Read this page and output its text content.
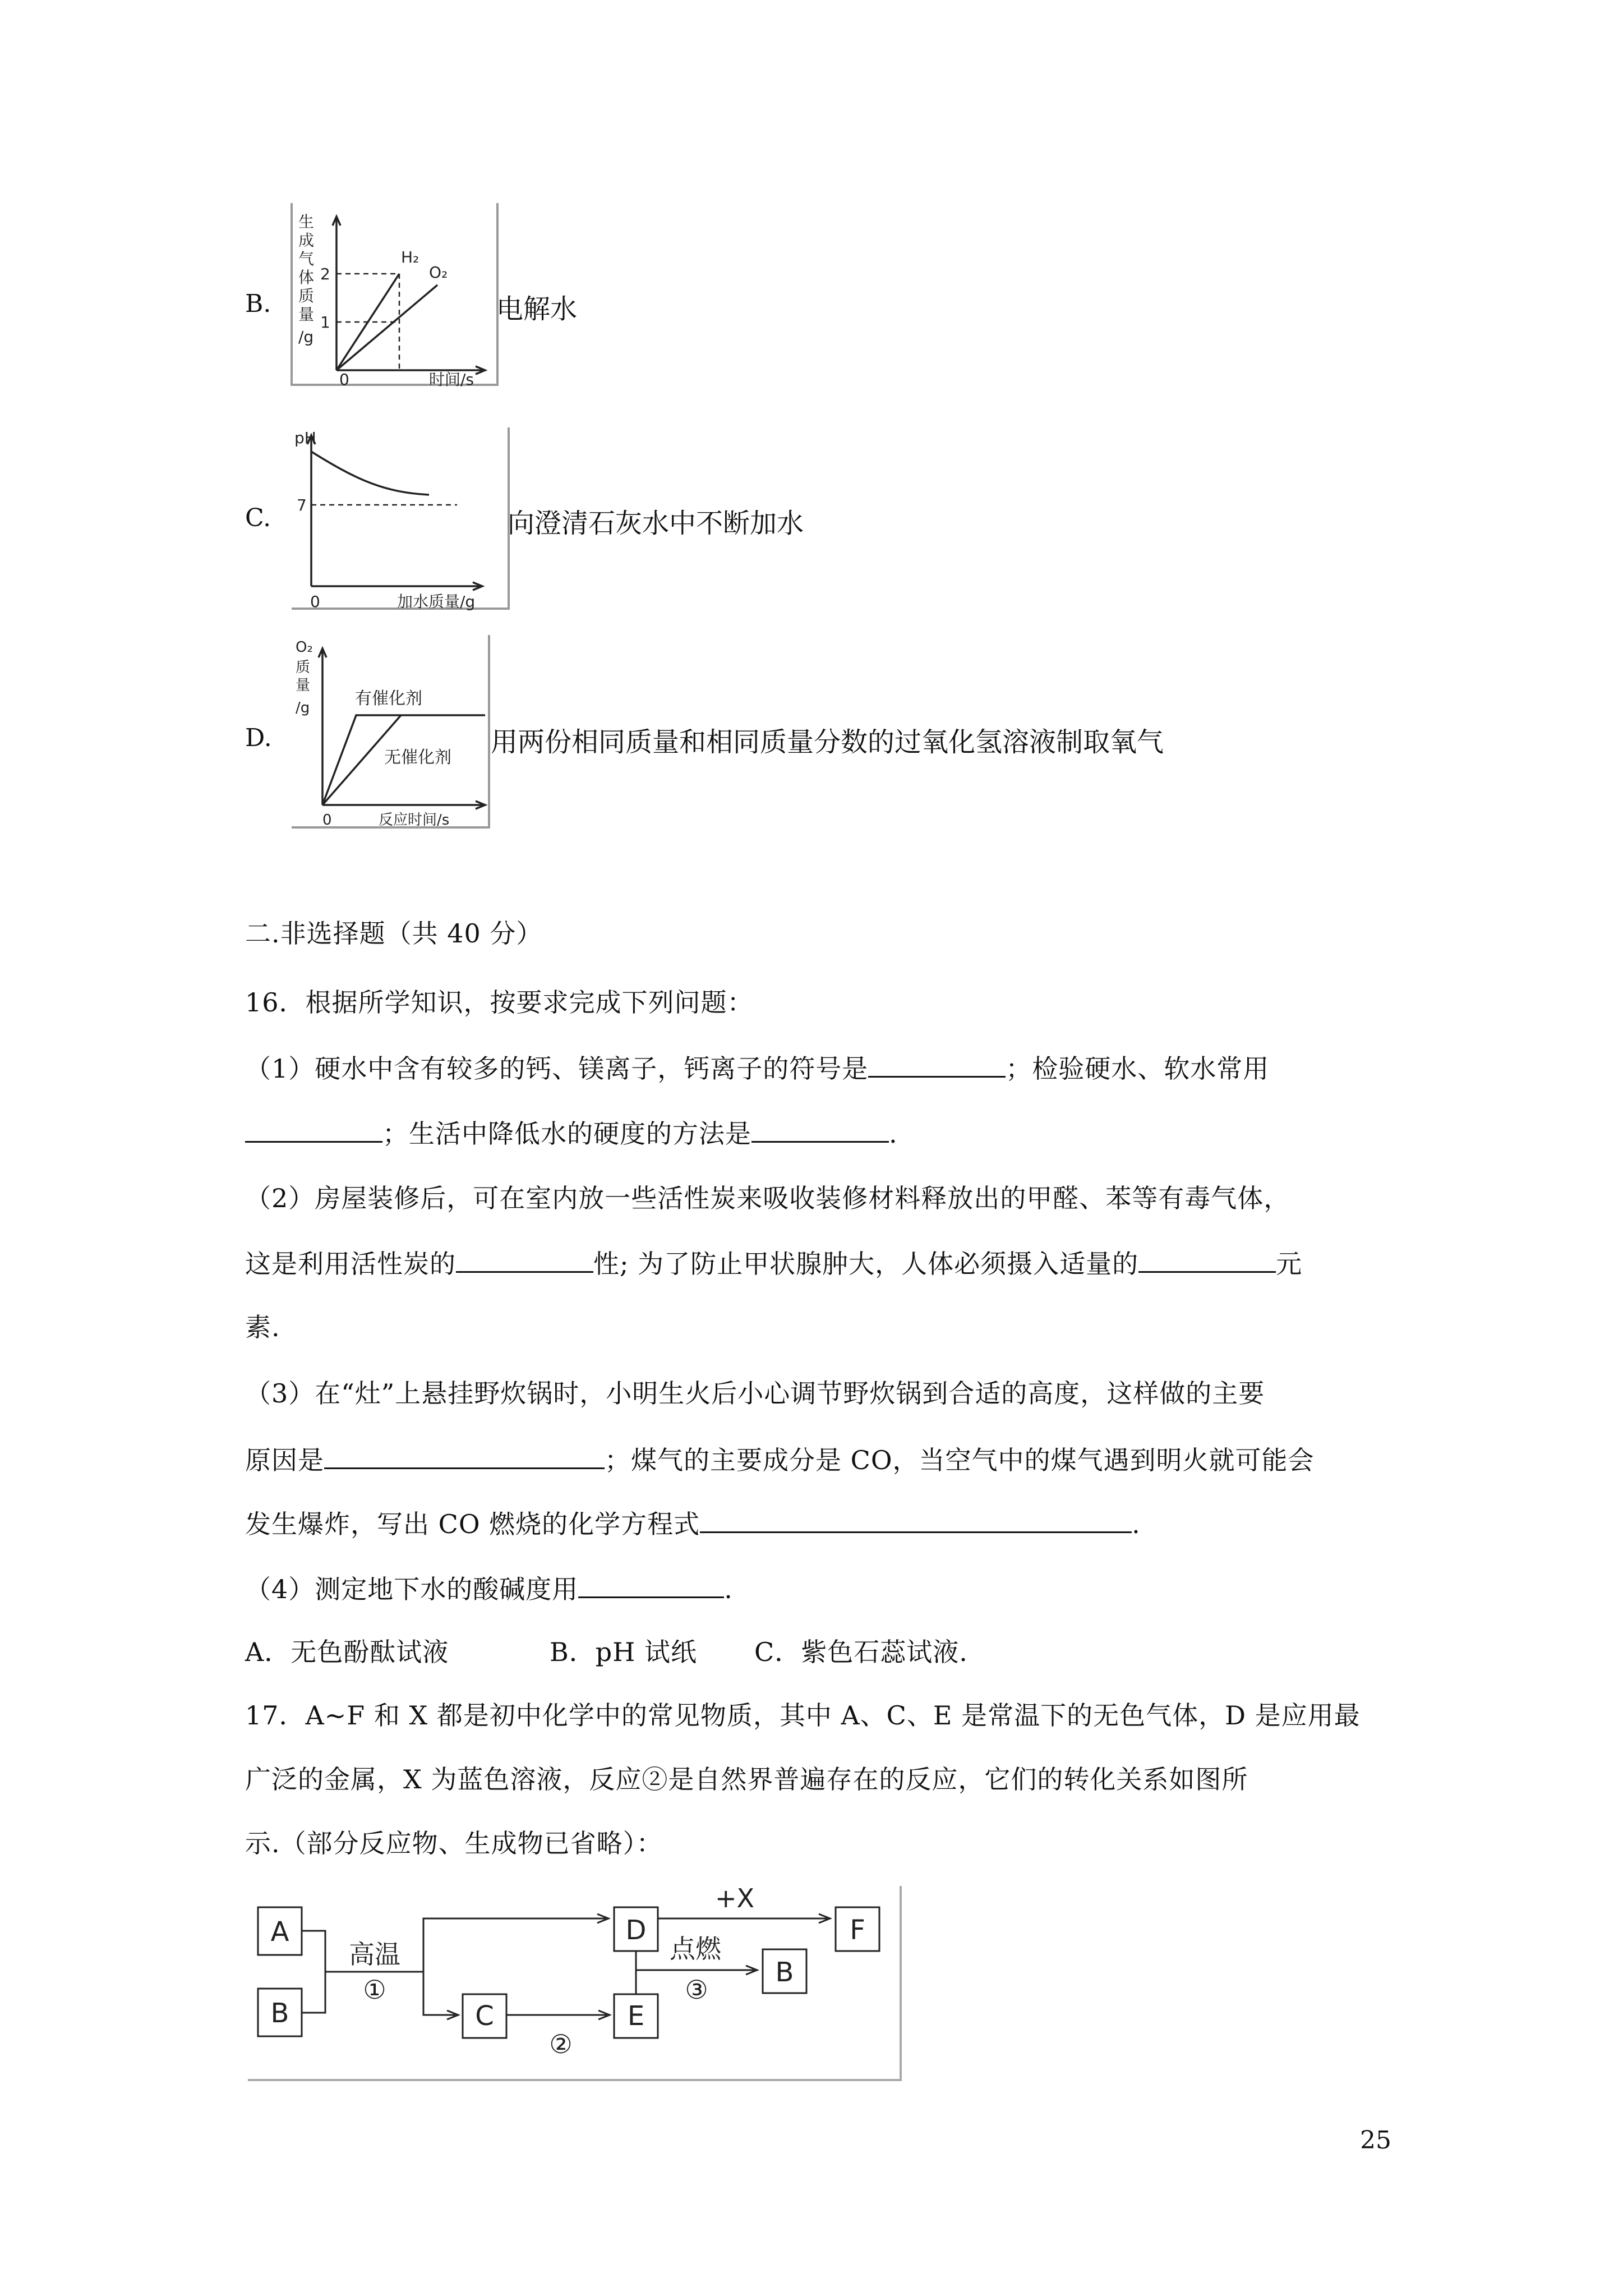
B.
生
成
气
体
质
量
/g
2
1
0	时间/s
H₂
O₂
电解水
C.
pH
7
0	加水质量/g
向澄清石灰水中不断加水
D.
O₂
质
量
/g
0	反应时间/s
有催化剂
无催化剂 用两份相同质量和相同质量分数的过氧化氢溶液制取氧气
二.非选择题（共 40 分）
16．根据所学知识，按要求完成下列问题：
（1）硬水中含有较多的钙、镁离子，钙离子的符号是	；检验硬水、软水常用
；生活中降低水的硬度的方法是	.
（2）房屋装修后，可在室内放一些活性炭来吸收装修材料释放出的甲醛、苯等有毒气体，
这是利用活性炭的	性; 为了防止甲状腺肿大，人体必须摄入适量的	元
素.
（3）在“灶”上悬挂野炊锅时，小明生火后小心调节野炊锅到合适的高度，这样做的主要
原因是	；煤气的主要成分是 CO，当空气中的煤气遇到明火就可能会
发生爆炸，写出 CO 燃烧的化学方程式	.
（4）测定地下水的酸碱度用	.
A．无色酚酞试液	B．pH 试纸 C．紫色石蕊试液.
17．A~F 和 X 都是初中化学中的常见物质，其中 A、C、E 是常温下的无色气体，D 是应用最
广泛的金属，X 为蓝色溶液，反应②是自然界普遍存在的反应，它们的转化关系如图所
示.（部分反应物、生成物已省略）：
A
B	C
D
E
F
B
高温
①
②
+X
点燃
③
25
